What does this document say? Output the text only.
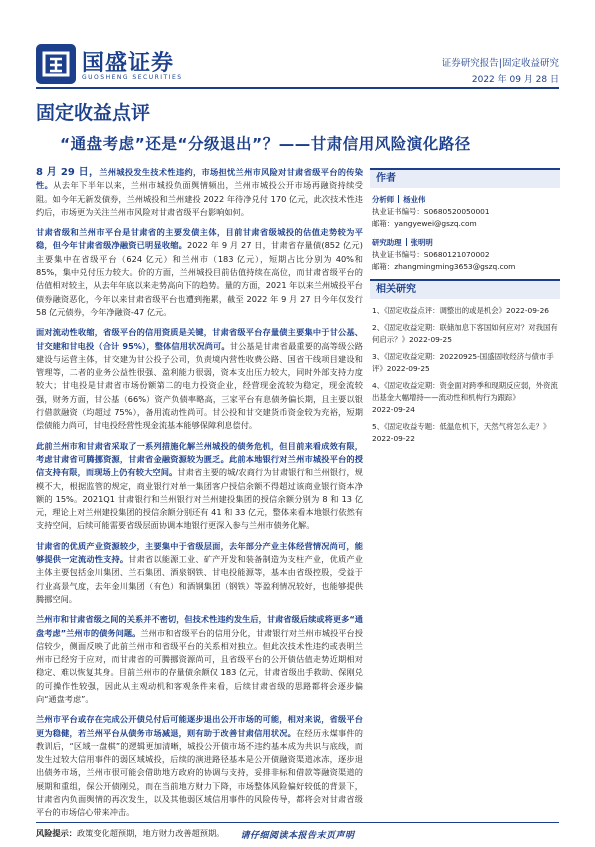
国盛证券
GUOSHENG SECURITIES
证券研究报告|固定收益研究
2022 年 09 月 28 日
固定收益点评
“通盘考虑”还是“分级退出”？——甘肃信用风险演化路径

8 月 29 日，兰州城投发生技术性违约，市场担忧兰州市风险对甘肃省级平台的传染性。从去年下半年以来，兰州市城投负面舆情频出，兰州市城投公开市场再融资持续受阻。如今年无新发债券，兰州城投和兰州建投 2022 年待净兑付 170 亿元，此次技术性违约后，市场更为关注兰州市风险对甘肃省级平台影响如何。

甘肃省级和兰州市平台是甘肃省的主要发债主体，目前甘肃省级城投的估值走势较为平稳，但今年甘肃省级净融资已明显收缩。2022 年 9 月 27 日，甘肃省存量债(852 亿元)主要集中在省级平台（624 亿元）和兰州市（183 亿元），短期占比分别为 40%和 85%，集中兑付压力较大。价的方面，兰州城投目前估值持续在高位，而甘肃省级平台的估值相对较主，从去年年底以来走势高向下的趋势。量的方面，2021 年以来兰州城投平台债券融资恶化，今年以来甘肃省级平台也遭到拖累，截至 2022 年 9 月 27 日今年仅发行 58 亿元债券，今年净融资-47 亿元。

面对流动性收缩，省级平台的信用资质是关键，甘肃省级平台存量债主要集中于甘公基、甘交建和甘电投（合计 95%），整体信用状况尚可。甘公基是甘肃省最重要的高等级公路建设与运营主体，甘交建为甘公投子公司，负责境内营性收费公路、国省干线项目建设和管理等，二者的业务公益性很强、盈利能力很弱，资本支出压力较大，同时外部支持力度较大；甘电投是甘肃省市场份额第二的电力投资企业，经营现金流较为稳定，现金流较强，财务方面，甘公基（66%）资产负债率略高，三家平台有息债务偏长期，且主要以银行借款融资（均超过 75%），备用流动性尚可。甘公投和甘交建货币资金较为充裕，短期偿债能力尚可，甘电投经营性现金流基本能够保障利息偿付。

此前兰州市和甘肃省采取了一系列措施化解兰州城投的债务危机，但目前来看成效有限，考虑甘肃省可腾挪资源，甘肃省金融资源较为匮乏。此前本地银行对兰州市城投平台的授信支持有限，而现场上仍有较大空间。甘肃省主要的城/农商行为甘肃银行和兰州银行，规模不大，根据监管的规定，商业银行对单一集团客户授信余额不得超过该商业银行资本净额的 15%。2021Q1 甘肃银行和兰州银行对兰州建投集团的授信余额分别为 8 和 13 亿元，理论上对兰州建投集团的授信余额分别还有 41 和 33 亿元，整体来看本地银行依然有支持空间，后续可能需要省级层面协调本地银行更深入参与兰州市债务化解。

甘肃省的优质产业资源较少，主要集中于省级层面，去年部分产业主体经营情况尚可，能够提供一定流动性支持。甘肃省以能源工业、矿产开发和装备制造为支柱产业，优质产业主体主要包括金川集团、兰石集团、酒泉钢铁、甘电投能源等，基本由省级控股，受益于行业高景气度，去年金川集团（有色）和酒钢集团（钢铁）等盈利情况较好，也能够提供腾挪空间。

兰州市和甘肃省级之间的关系并不密切，但技术性违约发生后，甘肃省级后续或将更多“通盘考虑”兰州市的债务问题。兰州市和省级平台的信用分化，甘肃银行对兰州市城投平台授信较少，侧面反映了此前兰州市和省级平台的关系相对独立。但此次技术性违约或表明兰州市已经穷于应对，而甘肃省的可腾挪资源尚可，且省级平台的公开债估值走势近期相对稳定、难以恢复其身。目前兰州市的存量债余额仅 183 亿元，甘肃省级出手救助、保刚兑的可操作性较强，因此从主观动机和客观条件来看，后续甘肃省级的思路都将会逐步偏向“通盘考虑”。

兰州市平台或存在完成公开债兑付后可能逐步退出公开市场的可能，相对来说，省级平台更为稳健，若兰州平台从债务市场减退，则有助于改善甘肃信用状况。在经历永煤事件的教训后，“区域一盘棋”的逻辑更加清晰，城投公开债市场不违约基本成为共识与底线，而发生过较大信用事件的弱区域城投，后续的演进路径基本是公开债融资渠道冰冻，逐步退出债务市场，兰州市很可能会借助地方政府的协调与支持，妥排非标和借款等融资渠道的展期和重组，保公开债刚兑，而在当前地方财力下降，市场整体风险偏好较低的背景下，甘肃省内负面舆情的再次发生，以及其他弱区域信用事件的风险传导，都将会对甘肃省级平台的市场信心带来冲击。

风险提示：政策变化超预期，地方财力改善超预期。

作者
分析师 杨业伟
执业证书编号：S0680520050001
邮箱：yangyewei@gszq.com
研究助理 张明明
执业证书编号：S0680121070002
邮箱：zhangmingming3653@gszq.com
相关研究
1、《固定收益点评：调整出的或是机会》2022-09-26
2、《固定收益定期：联储加息下客国如何应对？对我国有何启示？》2022-09-25
3、《固定收益定期：20220925-国盛固收经济与债市手评》2022-09-25
4、《固定收益定期：资金面对跨季和现期反应弱，外资流出基金大幅增持——流动性和机构行为跟踪》
2022-09-24
5、《固定收益专题：低温危机下，天然气将怎么走？》
2022-09-22
请仔细阅读本报告末页声明
